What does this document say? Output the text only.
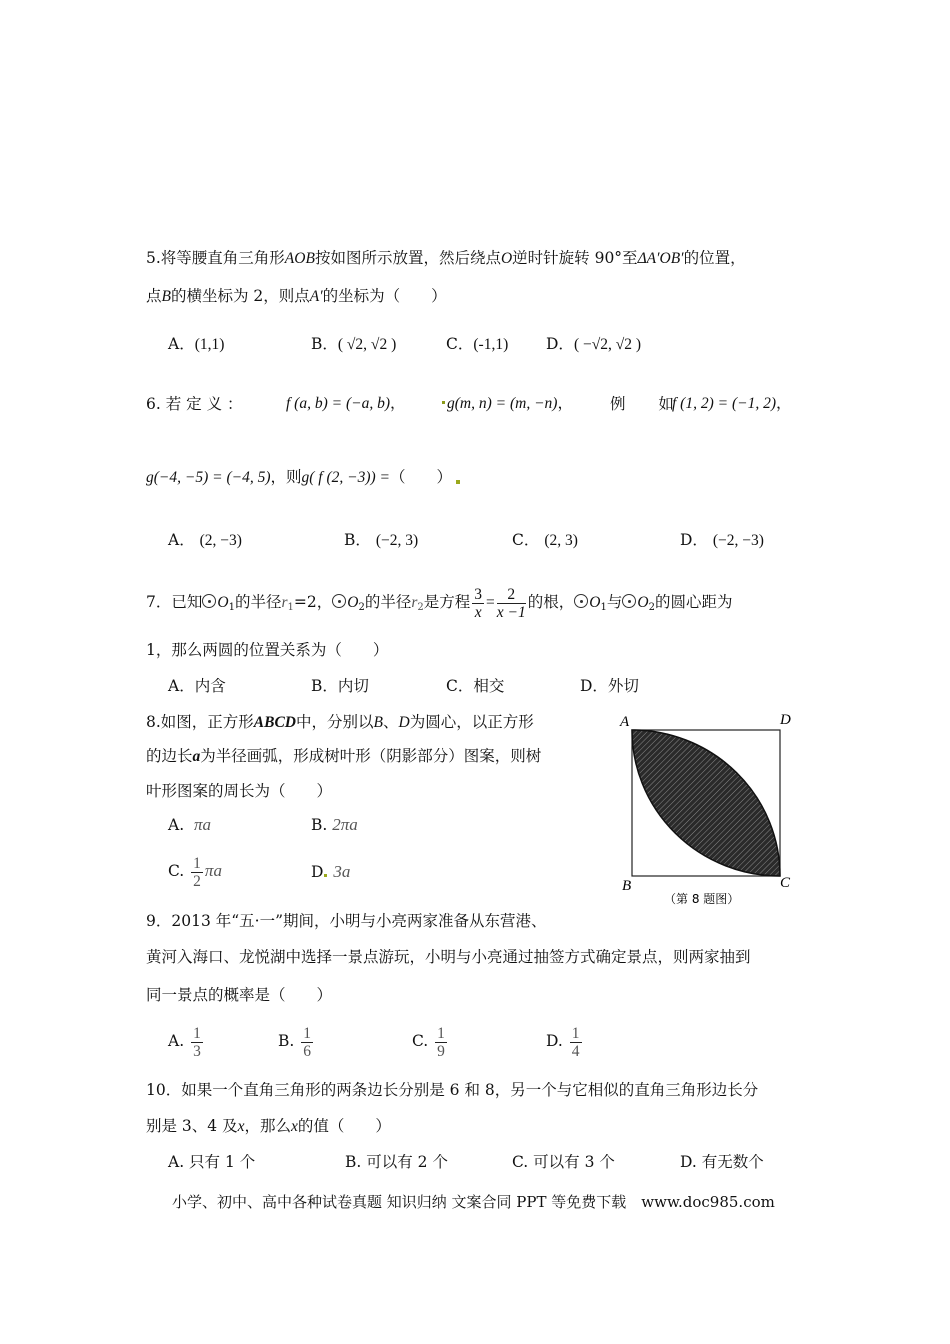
5.将等腰直角三角形AOB按如图所示放置，然后绕点O逆时针旋转 90°至ΔA′OB′的位置，
点B的横坐标为 2，则点A′的坐标为（　　）
A．(1,1)	B．( √2, √2 )	C．(-1,1) D．( −√2, √2 )
6. 若 定 义 ：	f (a, b) = (−a, b)，	g(m, n) = (m, −n)， 例 如
f (1, 2) = (−1, 2)，
g(−4, −5) = (−4, 5)，则g( f (2, −3)) =（　　）
A． (2, −3)	B． (−2, 3)	C． (2, 3)	D． (−2, −3)
7．已知 $O_1$的半径$r_1=2$， $O_2$的半径$r_2$是方程 $\frac{3}{x} = \frac{2}{x -1}$ 的根， $O_1$与 $O_2$的圆心距为
1，那么两圆的位置关系为（　　）
A．内含	B．内切	C．相交	D．外切
8.如图，正方形ABCD中，分别以B、D为圆心，以正方形
的边长a为半径画弧，形成树叶形（阴影部分）图案，则树
叶形图案的周长为（　　）
A. πa	B. 2πa
C. $\frac{1}{2}$ πa	D 3a
A	D
B	C
（第 8 题图）
9．2013 年“五·一”期间，小明与小亮两家准备从东营港、
黄河入海口、龙悦湖中选择一景点游玩，小明与小亮通过抽签方式确定景点，则两家抽到
同一景点的概率是（　　）
A. $\frac{1}{3}$	B. $\frac{1}{6}$	C. $\frac{1}{9}$	D. $\frac{1}{4}$
10．如果一个直角三角形的两条边长分别是 6 和 8，另一个与它相似的直角三角形边长分
别是 3、4 及x，那么x的值（　　）
A. 只有 1 个	B. 可以有 2 个	C. 可以有 3 个	D. 有无数个
小学、初中、高中各种试卷真题 知识归纳 文案合同 PPT 等免费下载　www.doc985.com
